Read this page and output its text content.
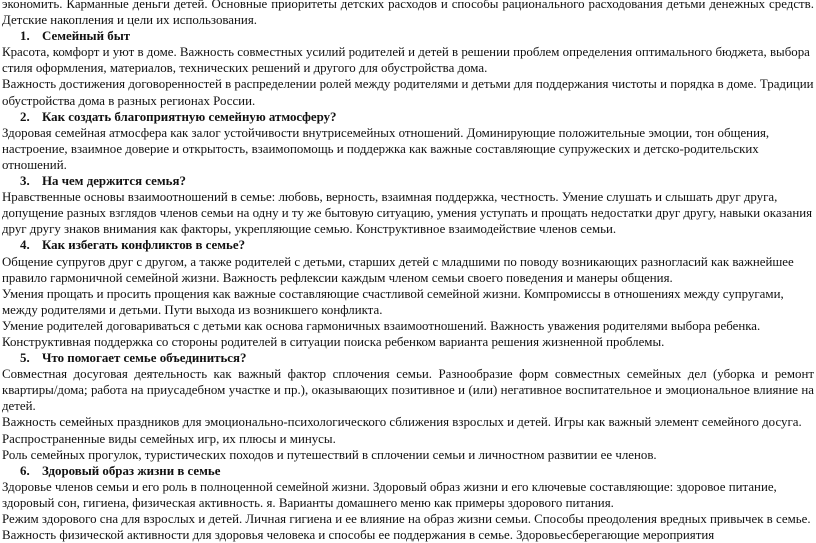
экономить. Карманные деньги детей. Основные приоритеты детских расходов и способы рационального расходования детьми денежных средств. Детские накопления и цели их использования.

1. Семейный быт

Красота, комфорт и уют в доме. Важность совместных усилий родителей и детей в решении проблем определения оптимального бюджета, выбора стиля оформления, материалов, технических решений и другого для обустройства дома.

Важность достижения договоренностей в распределении ролей между родителями и детьми для поддержания чистоты и порядка в доме. Традиции обустройства дома в разных регионах России.

2. Как создать благоприятную семейную атмосферу?

Здоровая семейная атмосфера как залог устойчивости внутрисемейных отношений. Доминирующие положительные эмоции, тон общения, настроение, взаимное доверие и открытость, взаимопомощь и поддержка как важные составляющие супружеских и детско-родительских отношений.

3. На чем держится семья?

Нравственные основы взаимоотношений в семье: любовь, верность, взаимная поддержка, честность. Умение слушать и слышать друг друга, допущение разных взглядов членов семьи на одну и ту же бытовую ситуацию, умения уступать и прощать недостатки друг другу, навыки оказания друг другу знаков внимания как факторы, укрепляющие семью. Конструктивное взаимодействие членов семьи.

4. Как избегать конфликтов в семье?

Общение супругов друг с другом, а также родителей с детьми, старших детей с младшими по поводу возникающих разногласий как важнейшее правило гармоничной семейной жизни. Важность рефлексии каждым членом семьи своего поведения и манеры общения.

Умения прощать и просить прощения как важные составляющие счастливой семейной жизни. Компромиссы в отношениях между супругами, между родителями и детьми. Пути выхода из возникшего конфликта.

Умение родителей договариваться с детьми как основа гармоничных взаимоотношений. Важность уважения родителями выбора ребенка. Конструктивная поддержка со стороны родителей в ситуации поиска ребенком варианта решения жизненной проблемы.

5. Что помогает семье объединиться?

Совместная досуговая деятельность как важный фактор сплочения семьи. Разнообразие форм совместных семейных дел (уборка и ремонт квартиры/дома; работа на приусадебном участке и пр.), оказывающих позитивное и (или) негативное воспитательное и эмоциональное влияние на детей.

Важность семейных праздников для эмоционально-психологического сближения взрослых и детей. Игры как важный элемент семейного досуга. Распространенные виды семейных игр, их плюсы и минусы.

Роль семейных прогулок, туристических походов и путешествий в сплочении семьи и личностном развитии ее членов.

6. Здоровый образ жизни в семье

Здоровье членов семьи и его роль в полноценной семейной жизни. Здоровый образ жизни и его ключевые составляющие: здоровое питание, здоровый сон, гигиена, физическая активность. я. Варианты домашнего меню как примеры здорового питания.

Режим здорового сна для взрослых и детей. Личная гигиена и ее влияние на образ жизни семьи. Способы преодоления вредных привычек в семье. Важность физической активности для здоровья человека и способы ее поддержания в семье. Здоровьесберегающие мероприятия
